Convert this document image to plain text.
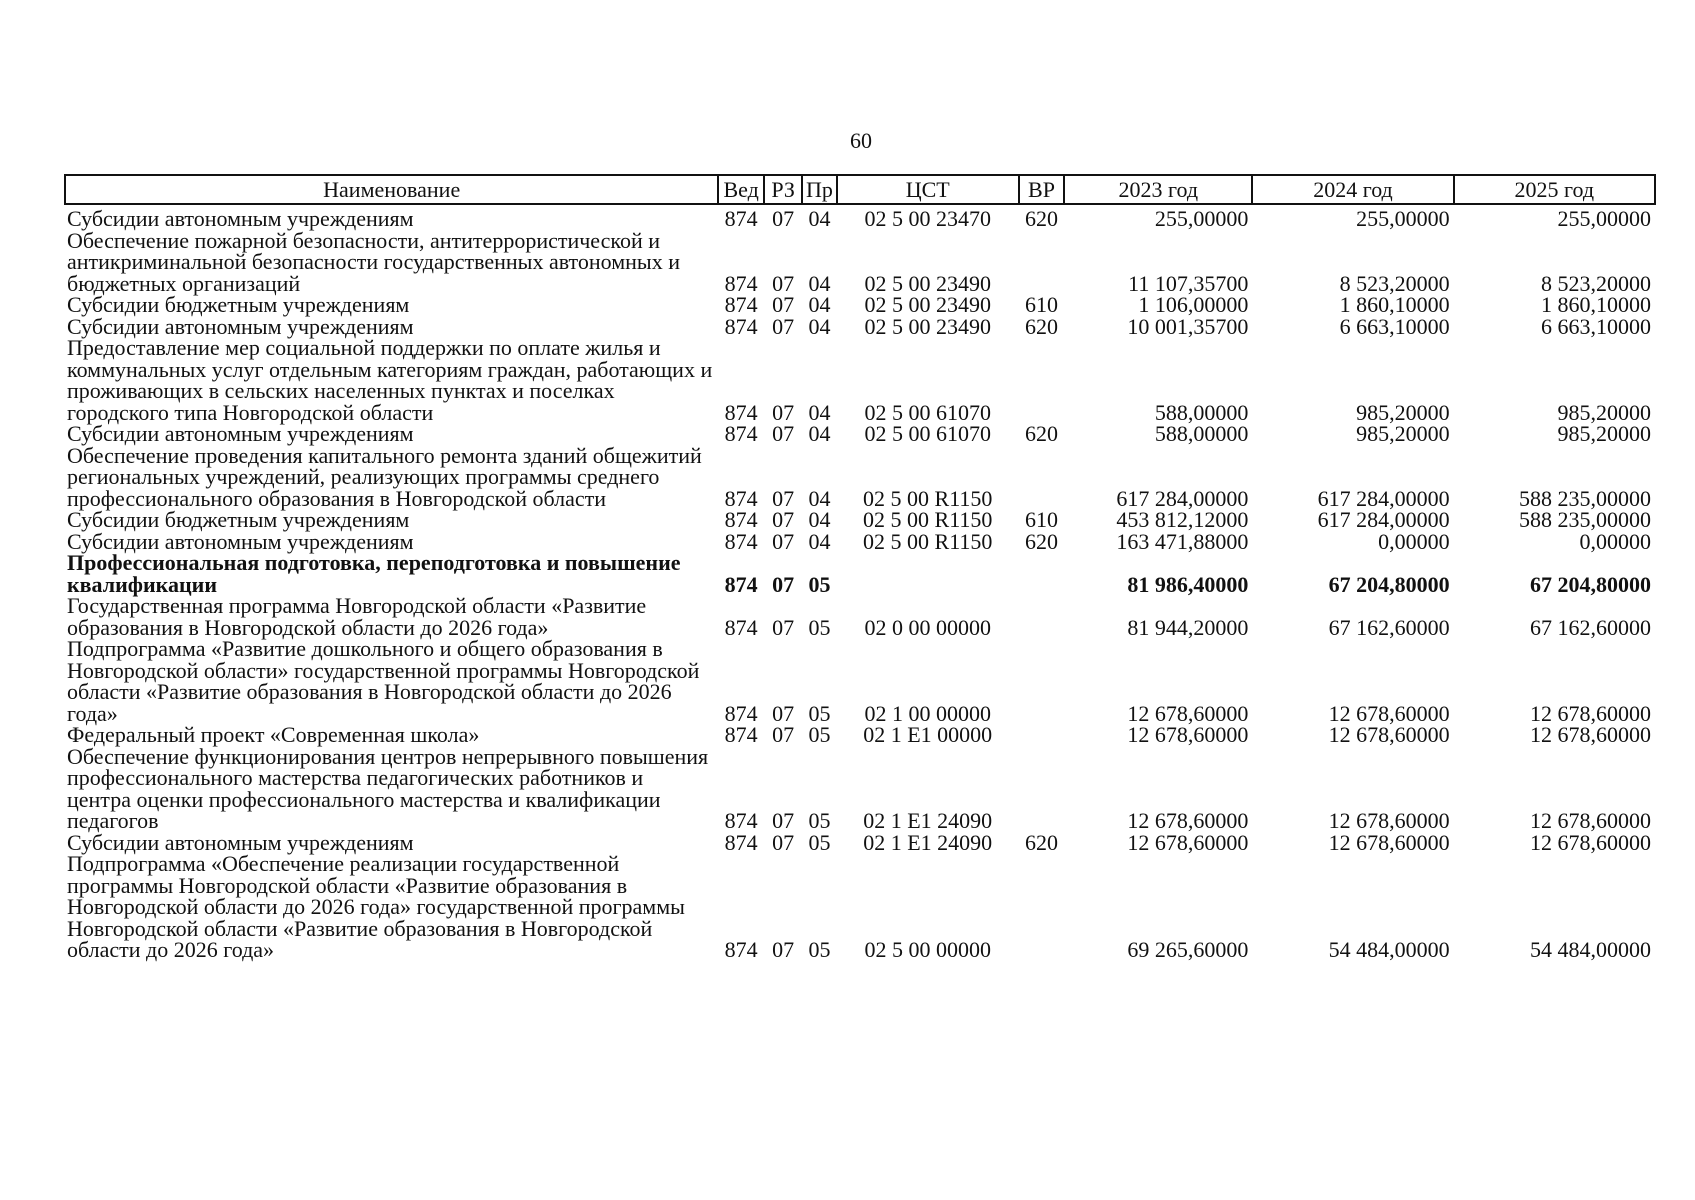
60
Наименование	Вед	РЗ	Пр	ЦСТ	ВР	2023 год	2024 год	2025 год
Субсидии автономным учреждениям	874	07	04	02 5 00 23470	620	255,00000	255,00000	255,00000
Обеспечение пожарной безопасности, антитеррористической и антикриминальной безопасности государственных автономных и бюджетных организаций	874	07	04	02 5 00 23490		11 107,35700	8 523,20000	8 523,20000
Субсидии бюджетным учреждениям	874	07	04	02 5 00 23490	610	1 106,00000	1 860,10000	1 860,10000
Субсидии автономным учреждениям	874	07	04	02 5 00 23490	620	10 001,35700	6 663,10000	6 663,10000
Предоставление мер социальной поддержки по оплате жилья и коммунальных услуг отдельным категориям граждан, работающих и проживающих в сельских населенных пунктах и поселках городского типа Новгородской области	874	07	04	02 5 00 61070		588,00000	985,20000	985,20000
Субсидии автономным учреждениям	874	07	04	02 5 00 61070	620	588,00000	985,20000	985,20000
Обеспечение проведения капитального ремонта зданий общежитий региональных учреждений, реализующих программы среднего профессионального образования в Новгородской области	874	07	04	02 5 00 R1150		617 284,00000	617 284,00000	588 235,00000
Субсидии бюджетным учреждениям	874	07	04	02 5 00 R1150	610	453 812,12000	617 284,00000	588 235,00000
Субсидии автономным учреждениям	874	07	04	02 5 00 R1150	620	163 471,88000	0,00000	0,00000
Профессиональная подготовка, переподготовка и повышение квалификации	874	07	05			81 986,40000	67 204,80000	67 204,80000
Государственная программа Новгородской области «Развитие образования в Новгородской области до 2026 года»	874	07	05	02 0 00 00000		81 944,20000	67 162,60000	67 162,60000
Подпрограмма «Развитие дошкольного и общего образования в Новгородской области» государственной программы Новгородской области «Развитие образования в Новгородской области до 2026 года»	874	07	05	02 1 00 00000		12 678,60000	12 678,60000	12 678,60000
Федеральный проект «Современная школа»	874	07	05	02 1 E1 00000		12 678,60000	12 678,60000	12 678,60000
Обеспечение функционирования центров непрерывного повышения профессионального мастерства педагогических работников и центра оценки профессионального мастерства и квалификации педагогов	874	07	05	02 1 E1 24090		12 678,60000	12 678,60000	12 678,60000
Субсидии автономным учреждениям	874	07	05	02 1 E1 24090	620	12 678,60000	12 678,60000	12 678,60000
Подпрограмма «Обеспечение реализации государственной программы Новгородской области «Развитие образования в Новгородской области до 2026 года» государственной программы Новгородской области «Развитие образования в Новгородской области до 2026 года»	874	07	05	02 5 00 00000		69 265,60000	54 484,00000	54 484,00000
